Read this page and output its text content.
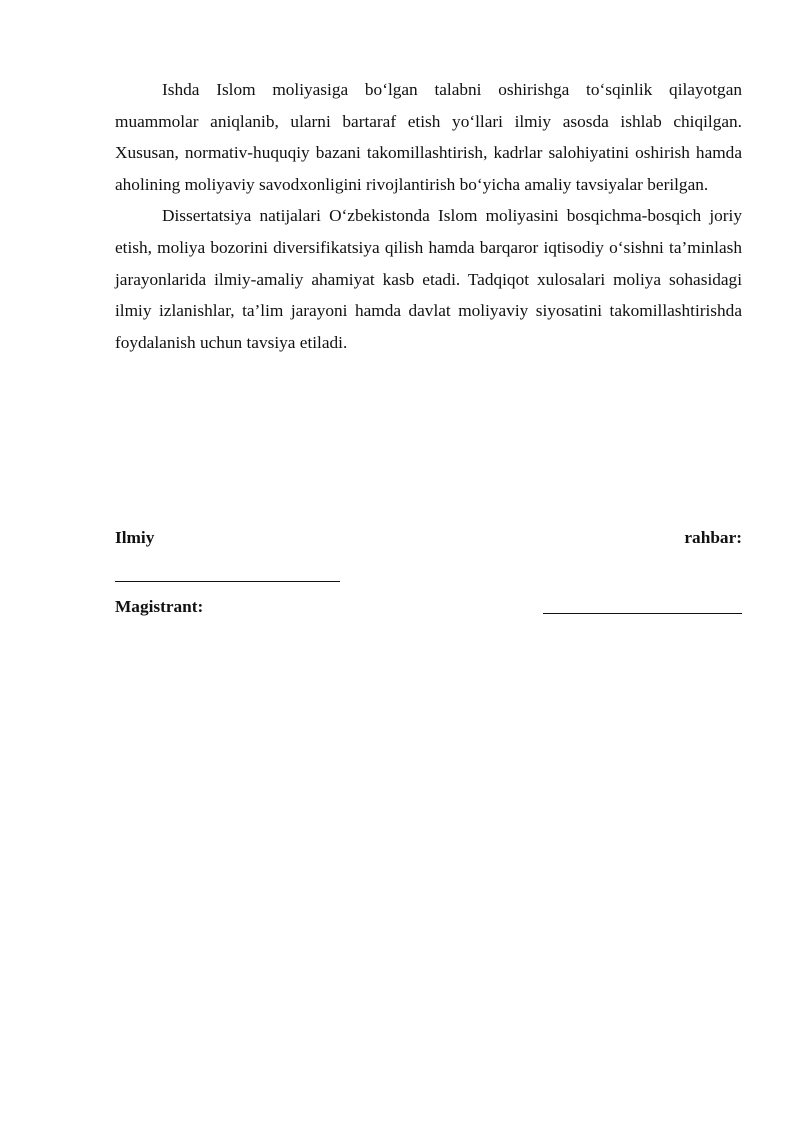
Ishda Islom moliyasiga bo‘lgan talabni oshirishga to‘sqinlik qilayotgan muammolar aniqlanib, ularni bartaraf etish yo‘llari ilmiy asosda ishlab chiqilgan. Xususan, normativ-huquqiy bazani takomillashtirish, kadrlar salohiyatini oshirish hamda aholining moliyaviy savodxonligini rivojlantirish bo‘yicha amaliy tavsiyalar berilgan.

Dissertatsiya natijalari O‘zbekistonda Islom moliyasini bosqichma-bosqich joriy etish, moliya bozorini diversifikatsiya qilish hamda barqaror iqtisodiy o‘sishni ta’minlash jarayonlarida ilmiy-amaliy ahamiyat kasb etadi. Tadqiqot xulosalari moliya sohasidagi ilmiy izlanishlar, ta’lim jarayoni hamda davlat moliyaviy siyosatini takomillashtirishda foydalanish uchun tavsiya etiladi.

Ilmiy	rahbar:
Magistrant:
